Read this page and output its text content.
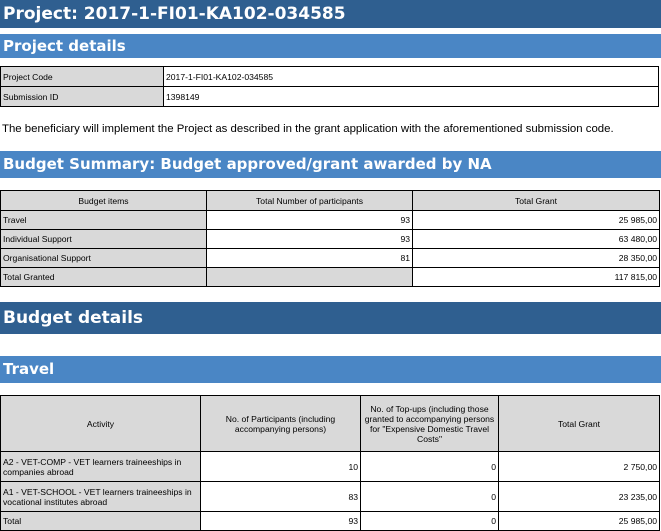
Project: 2017-1-FI01-KA102-034585
Project details
Project Code	2017-1-FI01-KA102-034585
Submission ID	1398149
The beneficiary will implement the Project as described in the grant application with the aforementioned submission code.
Budget Summary: Budget approved/grant awarded by NA
Budget items	Total Number of participants	Total Grant
Travel	93	25 985,00
Individual Support	93	63 480,00
Organisational Support	81	28 350,00
Total Granted		117 815,00
Budget details
Travel
Activity	No. of Participants (including accompanying persons)	No. of Top-ups (including those granted to accompanying persons for "Expensive Domestic Travel Costs"	Total Grant
A2 - VET-COMP - VET learners traineeships in companies abroad	10	0	2 750,00
A1 - VET-SCHOOL - VET learners traineeships in vocational institutes abroad	83	0	23 235,00
Total	93	0	25 985,00
